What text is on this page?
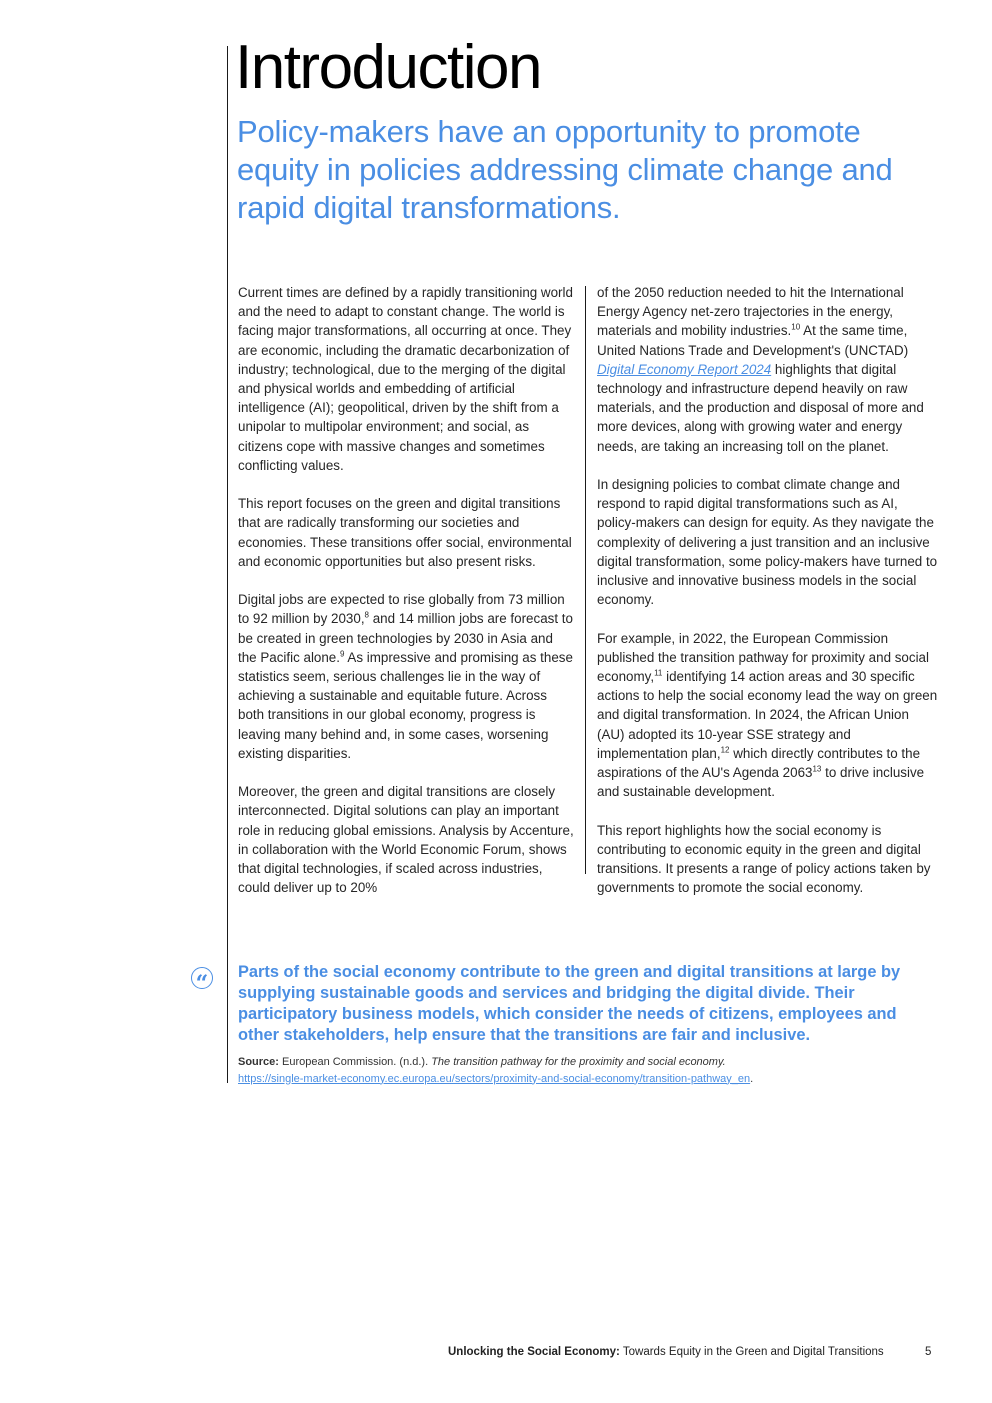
Introduction
Policy-makers have an opportunity to promote equity in policies addressing climate change and rapid digital transformations.

Current times are defined by a rapidly transitioning world and the need to adapt to constant change. The world is facing major transformations, all occurring at once. They are economic, including the dramatic decarbonization of industry; technological, due to the merging of the digital and physical worlds and embedding of artificial intelligence (AI); geopolitical, driven by the shift from a unipolar to multipolar environment; and social, as citizens cope with massive changes and sometimes conflicting values.

This report focuses on the green and digital transitions that are radically transforming our societies and economies. These transitions offer social, environmental and economic opportunities but also present risks.

Digital jobs are expected to rise globally from 73 million to 92 million by 2030,$^8$ and 14 million jobs are forecast to be created in green technologies by 2030 in Asia and the Pacific alone.$^9$ As impressive and promising as these statistics seem, serious challenges lie in the way of achieving a sustainable and equitable future. Across both transitions in our global economy, progress is leaving many behind and, in some cases, worsening existing disparities.

Moreover, the green and digital transitions are closely interconnected. Digital solutions can play an important role in reducing global emissions. Analysis by Accenture, in collaboration with the World Economic Forum, shows that digital technologies, if scaled across industries, could deliver up to 20%

of the 2050 reduction needed to hit the International Energy Agency net-zero trajectories in the energy, materials and mobility industries.$^{10}$ At the same time, United Nations Trade and Development's (UNCTAD) Digital Economy Report 2024 highlights that digital technology and infrastructure depend heavily on raw materials, and the production and disposal of more and more devices, along with growing water and energy needs, are taking an increasing toll on the planet.

In designing policies to combat climate change and respond to rapid digital transformations such as AI, policy-makers can design for equity. As they navigate the complexity of delivering a just transition and an inclusive digital transformation, some policy-makers have turned to inclusive and innovative business models in the social economy.

For example, in 2022, the European Commission published the transition pathway for proximity and social economy,$^{11}$ identifying 14 action areas and 30 specific actions to help the social economy lead the way on green and digital transformation. In 2024, the African Union (AU) adopted its 10-year SSE strategy and implementation plan,$^{12}$ which directly contributes to the aspirations of the AU's Agenda 2063$^{13}$ to drive inclusive and sustainable development.

This report highlights how the social economy is contributing to economic equity in the green and digital transitions. It presents a range of policy actions taken by governments to promote the social economy.

“ Parts of the social economy contribute to the green and digital transitions at large by supplying sustainable goods and services and bridging the digital divide. Their participatory business models, which consider the needs of citizens, employees and other stakeholders, help ensure that the transitions are fair and inclusive.

Source: European Commission. (n.d.). The transition pathway for the proximity and social economy.
https://single-market-economy.ec.europa.eu/sectors/proximity-and-social-economy/transition-pathway_en.
Unlocking the Social Economy: Towards Equity in the Green and Digital Transitions	5
